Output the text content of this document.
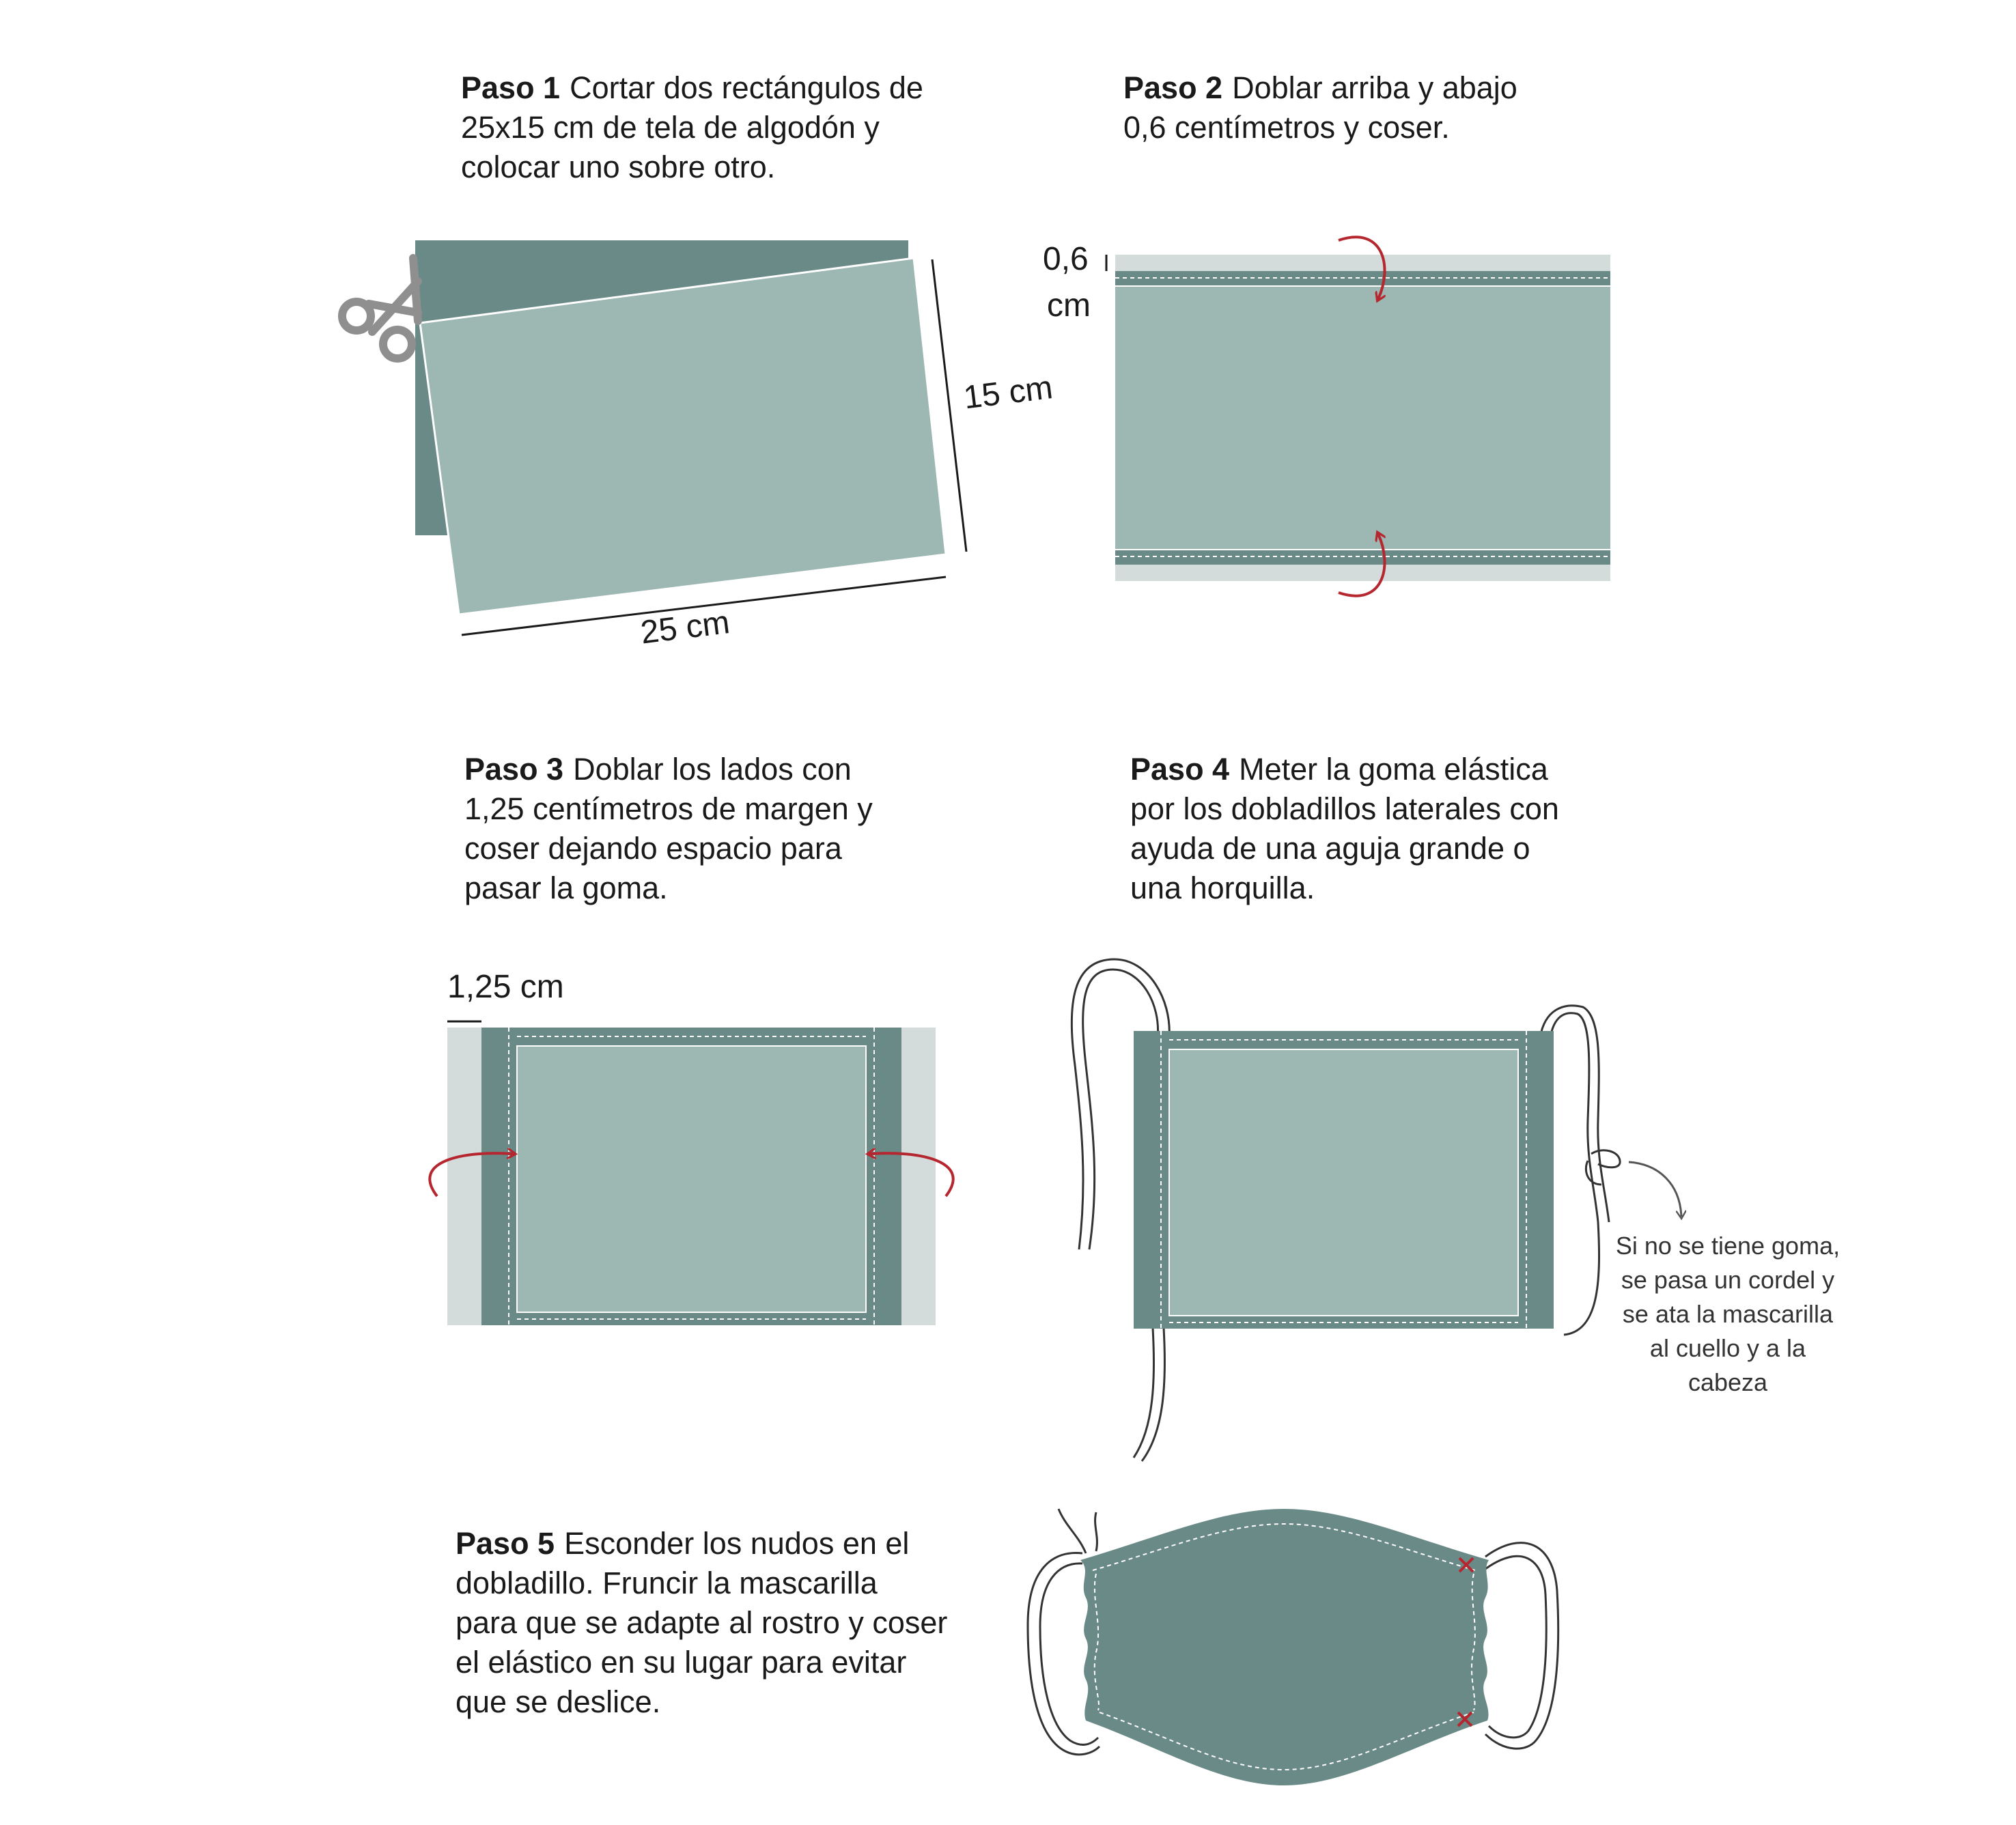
Paso 1 Cortar dos rectángulos de
25x15 cm de tela de algodón y
colocar uno sobre otro.
Paso 2 Doblar arriba y abajo
0,6 centímetros y coser.
Paso 3 Doblar los lados con
1,25 centímetros de margen y
coser dejando espacio para
pasar la goma.
Paso 4 Meter la goma elástica
por los dobladillos laterales con
ayuda de una aguja grande o
una horquilla.
Paso 5 Esconder los nudos en el
dobladillo. Fruncir la mascarilla
para que se adapte al rostro y coser
el elástico en su lugar para evitar
que se deslice.
25 cm
15 cm
0,6
cm
1,25 cm
Si no se tiene goma,
se pasa un cordel y
se ata la mascarilla
al cuello y a la
cabeza
